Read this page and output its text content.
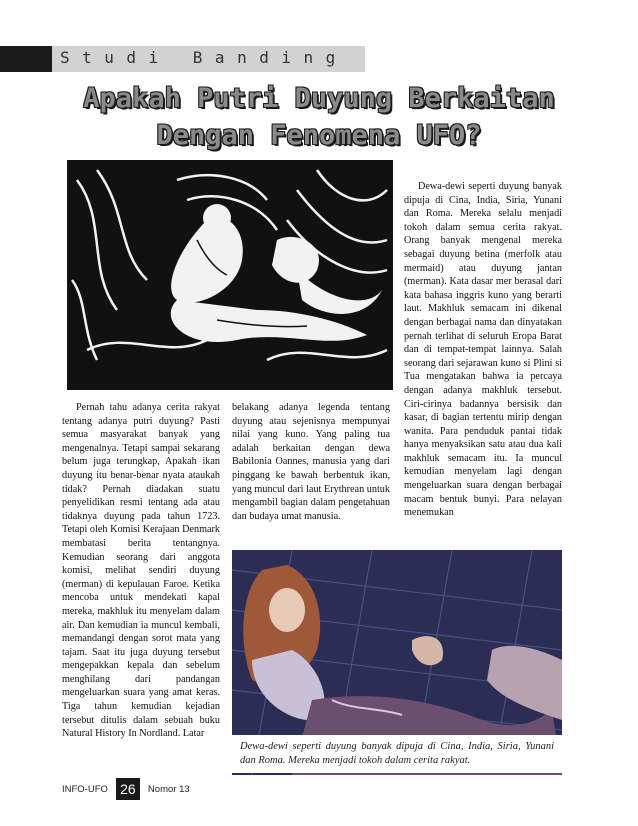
Studi Banding
Apakah Putri Duyung Berkaitan
Dengan Fenomena UFO?

Dewa-dewi seperti duyung banyak dipuja di Cina, India, Siria, Yunani dan Roma. Mereka selalu menjadi tokoh dalam semua cerita rakyat. Orang banyak mengenal mereka sebagai duyung betina (merfolk atau mermaid) atau duyung jantan (merman). Kata dasar mer berasal dari kata bahasa inggris kuno yang berarti laut. Makhluk semacam ini dikenal dengan berbagai nama dan dinyatakan pernah terlihat di seluruh Eropa Barat dan di tempat-tempat lainnya. Salah seorang dari sejarawan kuno si Plini si Tua mengatakan bahwa ia percaya dengan adanya makhluk tersebut. Ciri-cirinya badannya bersisik dan kasar, di bagian tertentu mirip dengan wanita. Para penduduk pantai tidak hanya menyaksikan satu atau dua kali makhluk semacam itu. Ia muncul kemudian menyelam lagi dengan mengeluarkan suara dengan berbagai macam bentuk bunyi. Para nelayan menemukan

Pernah tahu adanya cerita rakyat tentang adanya putri duyung? Pasti semua masyarakat banyak yang mengenalnya. Tetapi sampai sekarang belum juga terungkap, Apakah ikan duyung itu benar-benar nyata ataukah tidak? Pernah diadakan suatu penyelidikan resmi tentang ada atau tidaknya duyung pada tahun 1723. Tetapi oleh Komisi Kerajaan Denmark membatasi berita tentangnya. Kemudian seorang dari anggota komisi, melihat sendiri duyung (merman) di kepulauan Faroe. Ketika mencoba untuk mendekati kapal mereka, makhluk itu menyelam dalam air. Dan kemudian ia muncul kembali, memandangi dengan sorot mata yang tajam. Saat itu juga duyung tersebut mengepakkan kepala dan sebelum menghilang dari pandangan mengeluarkan suara yang amat keras. Tiga tahun kemudian kejadian tersebut ditulis dalam sebuah buku Natural History In Nordland. Latar

belakang adanya legenda tentang duyung atau sejenisnya mempunyai nilai yang kuno. Yang paling tua adalah berkaitan dengan dewa Babilonia Oannes, manusia yang dari pinggang ke bawah berbentuk ikan, yang muncul dari laut Erythrean untuk mengambil bagian dalam pengetahuan dan budaya umat manusia.

Dewa-dewi seperti duyung banyak dipuja di Cina, India, Siria, Yunani dan Roma. Mereka menjadi tokoh dalam cerita rakyat.

INFO-UFO 26	Nomor 13
